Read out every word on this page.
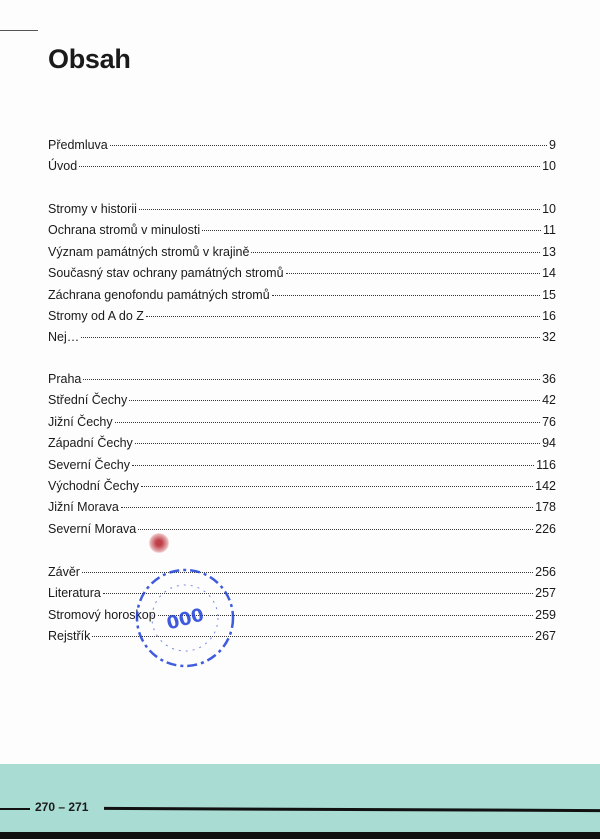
Obsah
Předmluva	9
Úvod	10
Stromy v historii	10
Ochrana stromů v minulosti	11
Význam památných stromů v krajině	13
Současný stav ochrany památných stromů	14
Záchrana genofondu památných stromů	15
Stromy od A do Z	16
Nej…	32
Praha	36
Střední Čechy	42
Jižní Čechy	76
Západní Čechy	94
Severní Čechy	116
Východní Čechy	142
Jižní Morava	178
Severní Morava	226
Závěr	256
Literatura	257
Stromový horoskop	259
Rejstřík	267
000
270 – 271
